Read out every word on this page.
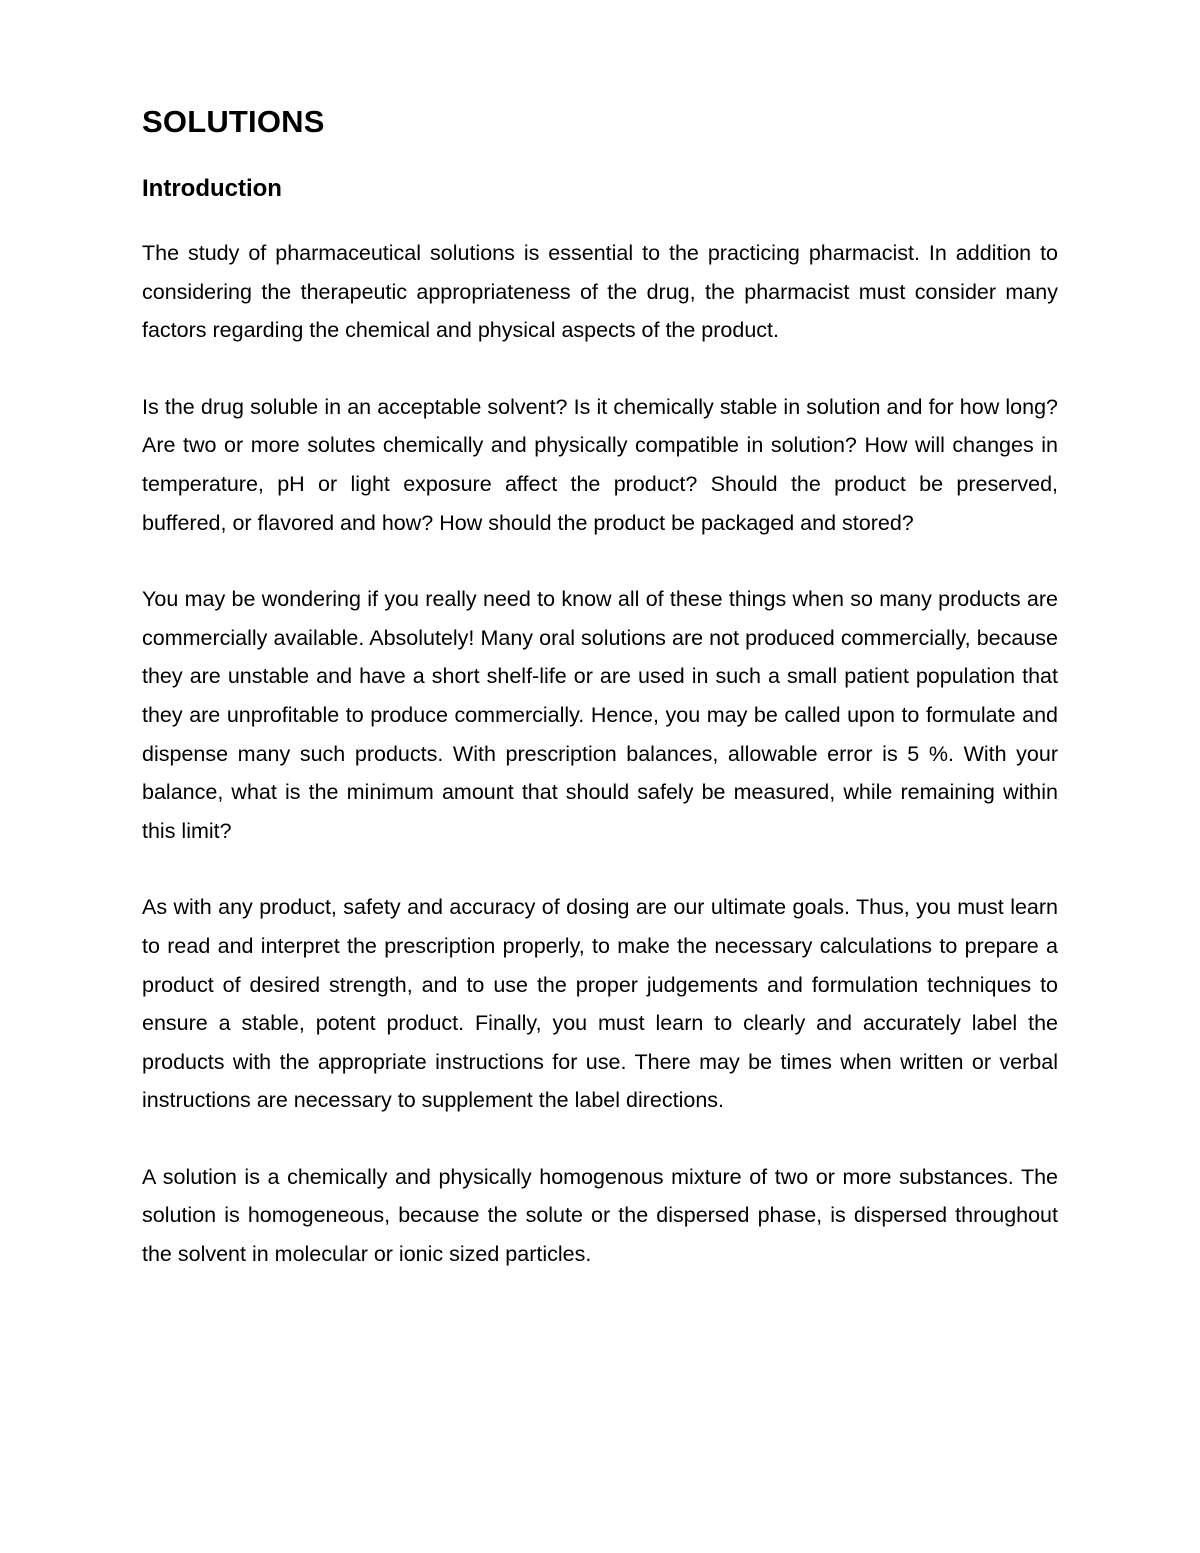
SOLUTIONS
Introduction

The study of pharmaceutical solutions is essential to the practicing pharmacist. In addition to considering the therapeutic appropriateness of the drug, the pharmacist must consider many factors regarding the chemical and physical aspects of the product.

Is the drug soluble in an acceptable solvent? Is it chemically stable in solution and for how long? Are two or more solutes chemically and physically compatible in solution? How will changes in temperature, pH or light exposure affect the product? Should the product be preserved, buffered, or flavored and how? How should the product be packaged and stored?

You may be wondering if you really need to know all of these things when so many products are commercially available. Absolutely! Many oral solutions are not produced commercially, because they are unstable and have a short shelf-life or are used in such a small patient population that they are unprofitable to produce commercially. Hence, you may be called upon to formulate and dispense many such products. With prescription balances, allowable error is 5 %. With your balance, what is the minimum amount that should safely be measured, while remaining within this limit?

As with any product, safety and accuracy of dosing are our ultimate goals. Thus, you must learn to read and interpret the prescription properly, to make the necessary calculations to prepare a product of desired strength, and to use the proper judgements and formulation techniques to ensure a stable, potent product. Finally, you must learn to clearly and accurately label the products with the appropriate instructions for use. There may be times when written or verbal instructions are necessary to supplement the label directions.

A solution is a chemically and physically homogenous mixture of two or more substances. The solution is homogeneous, because the solute or the dispersed phase, is dispersed throughout the solvent in molecular or ionic sized particles.
